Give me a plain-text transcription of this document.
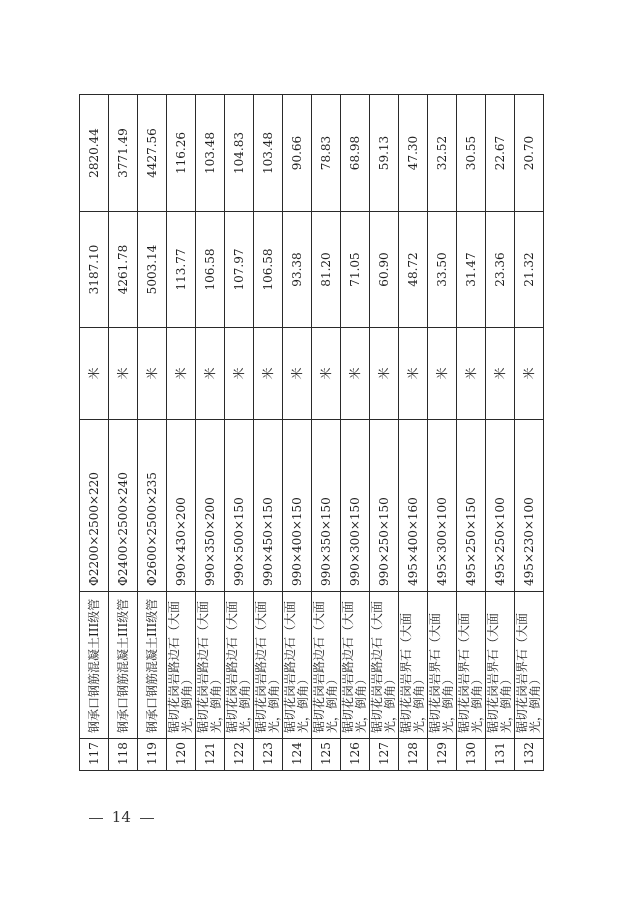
117	钢承口钢筋混凝土III级管	Φ2200×2500×220	米	3187.10	2820.44
118	钢承口钢筋混凝土III级管	Φ2400×2500×240	米	4261.78	3771.49
119	钢承口钢筋混凝土III级管	Φ2600×2500×235	米	5003.14	4427.56
120	锯切花岗岩路边石（大面光，倒角）	990×430×200	米	113.77	116.26
121	锯切花岗岩路边石（大面光，倒角）	990×350×200	米	106.58	103.48
122	锯切花岗岩路边石（大面光，倒角）	990×500×150	米	107.97	104.83
123	锯切花岗岩路边石（大面光，倒角）	990×450×150	米	106.58	103.48
124	锯切花岗岩路边石（大面光，倒角）	990×400×150	米	93.38	90.66
125	锯切花岗岩路边石（大面光，倒角）	990×350×150	米	81.20	78.83
126	锯切花岗岩路边石（大面光，倒角）	990×300×150	米	71.05	68.98
127	锯切花岗岩路边石（大面光，倒角）	990×250×150	米	60.90	59.13
128	锯切花岗岩界石（大面光，倒角）	495×400×160	米	48.72	47.30
129	锯切花岗岩界石（大面光，倒角）	495×300×100	米	33.50	32.52
130	锯切花岗岩界石（大面光，倒角）	495×250×150	米	31.47	30.55
131	锯切花岗岩界石（大面光，倒角）	495×250×100	米	23.36	22.67
132	锯切花岗岩界石（大面光，倒角）	495×230×100	米	21.32	20.70
14
